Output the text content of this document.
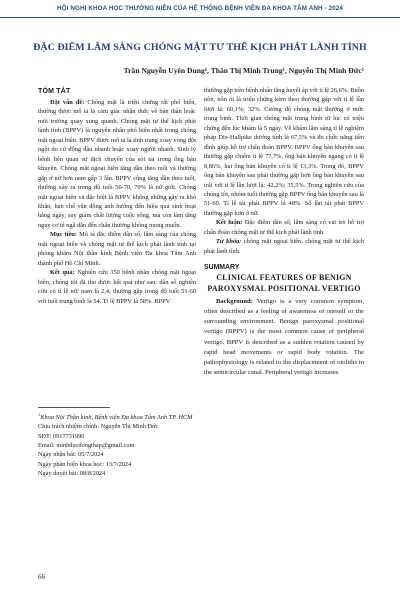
HỘI NGHỊ KHOA HỌC THƯỜNG NIÊN CỦA HỆ THỐNG BỆNH VIỆN ĐA KHOA TÂM ANH - 2024
ĐẶC ĐIỂM LÂM SÀNG CHÓNG MẶT TƯ THẾ KỊCH PHÁT LÀNH TÍNH
Trần Nguyễn Uyên Dung¹, Thân Thị Minh Trung¹, Nguyễn Thị Minh Đức¹
TÓM TẮT

Đặt vấn đề: Chóng mặt là triệu chứng rất phổ biến, thường được mô tả là cảm giác nhận thức về bản thân hoặc môi trường quay xung quanh. Chóng mặt tư thế kịch phát lành tính (BPPV) là nguyên nhân phổ biến nhất trong chóng mặt ngoại biên. BPPV được mô tả là tình trạng xoay vòng đột ngột do cử động đầu nhanh hoặc xoay người nhanh. Sinh lý bệnh liên quan sự dịch chuyển của sỏi tai trong ống bán khuyên. Chóng mặt ngoại biên tăng dần theo tuổi và thường gặp ở nữ hơn nam gấp 3 lần. BPPV cũng tăng dần theo tuổi, thường xảy ra trong độ tuổi 50-70, 70% là nữ giới. Chóng mặt ngoại biên và đặc biệt là BPPV không những gây ra khó khăn, hạn chế vận động ảnh hưởng đến hiệu quả sinh hoạt hằng ngày, suy giảm chất lượng cuộc sống, mà còn làm tăng nguy cơ té ngã dẫn đến chấn thương không mong muốn.

Mục tiêu: Mô tả đặc điểm dân số, lâm sàng của chóng mặt ngoại biên và chóng mặt tư thế kịch phát lành tính tại phòng khám Nội thần kinh Bệnh viện Đa khoa Tâm Anh thành phố Hồ Chí Minh.

Kết quả: Nghiên cứu 350 bệnh nhân chóng mặt ngoại biên, chúng tôi đã thu được kết quả như sau: dân số nghiên cứu có tỉ lệ nữ/ nam là 2,4; thường gặp trong độ tuổi 51-60 với tuổi trung bình là 54. Tỉ lệ BPPV là 58%. BPPV

thường gặp trên bệnh nhân tăng huyết áp với tỉ lệ 26,6%. Buồn nôn, nôn ói là triệu chứng kèm theo thường gặp với tỉ lệ lần lượt là: 60,1%; 32%. Cường độ chóng mặt thường ở mức trung bình. Thời gian chóng mặt trung bình từ lúc có triệu chứng đến lúc khám là 5 ngày. Về khám lâm sàng tỉ lệ nghiệm pháp Dix-Hallpike dương tính là 67,5% và đo chức năng tiền đình giúp hỗ trợ chẩn đoán BPPV. BPPV ống bán khuyên sau thường gặp chiếm tỉ lệ 77,7%, ống bán khuyên ngang có tỉ lệ 8,86%, hai ống bán khuyên có tỉ lệ 13,3%. Trong đó, BPPV ống bán khuyên sau phải thường gặp hơn ống bán khuyên sau trái với tỉ lệ lần lượt là: 42,2%; 35,5%. Trong nghiên cứu của chúng tôi, nhóm tuổi thường gặp BPPV ống bán khuyên sau là 51-60. Tỉ lệ tái phát BPPV là 48%. Số lần tái phát BPPV thường gặp hơn ở nữ.

Kết luận: Đặc điểm dân số, lâm sàng có vai trò hỗ trợ chẩn đoán chóng mặt tư thế kịch phát lành tính.

Từ khóa: chóng mặt ngoại biên, chóng mặt tư thế kịch phát lành tính.

SUMMARY
CLINICAL FEATURES OF BENIGN PAROXYSMAL POSITIONAL VERTIGO

Background: Vertigo is a very common symptom, often described as a feeling of awareness of oneself or the surrounding environment. Benign paroxysmal positional vertigo (BPPV) is the most common cause of peripheral vertigo. BPPV is described as a sudden rotation caused by rapid head movements or rapid body rotation. The pathophysiology is related to the displacement of otoliths in the semicircular canal. Peripheral vertigo increases

$^1$Khoa Nội Thần kinh, Bệnh viện Đa khoa Tâm Anh TP. HCM
Chịu trách nhiệm chính: Nguyễn Thị Minh Đức
SĐT: 0917731990
Email: minhducdongthap@gmail.com
Ngày nhận bài: 05/7/2024
Ngày phản biện khoa học: 13/7/2024
Ngày duyệt bài: 08/8/2024
66
